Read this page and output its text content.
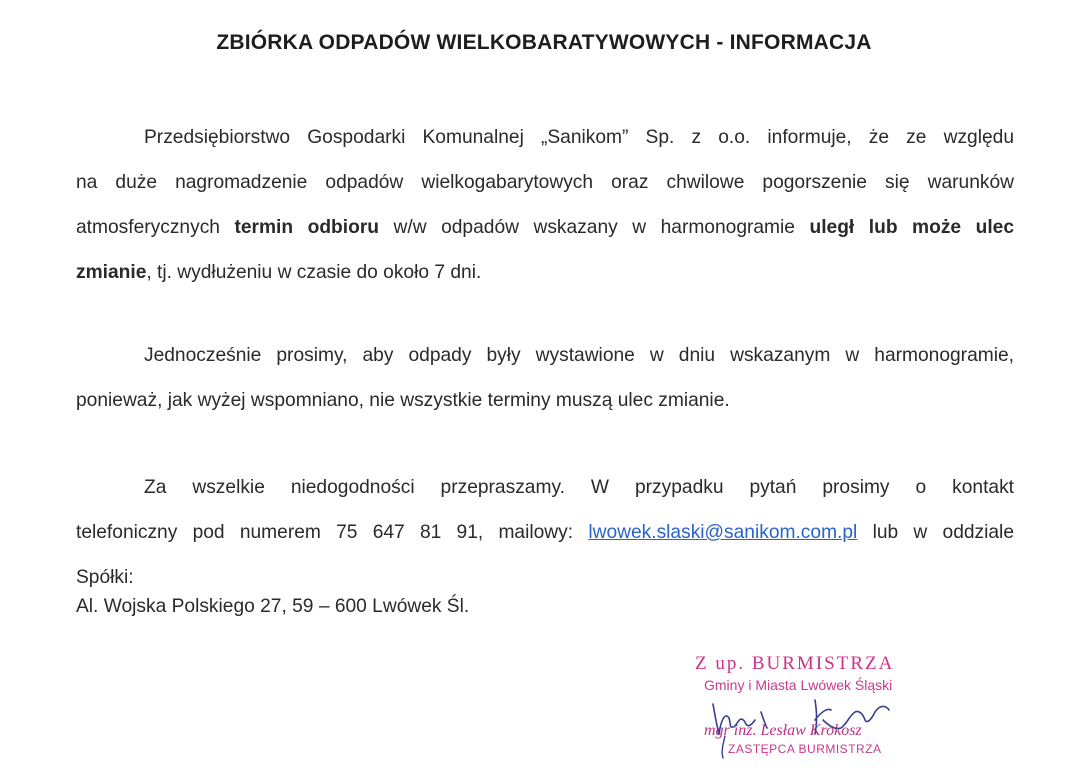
ZBIÓRKA ODPADÓW WIELKOBARATYWOWYCH - INFORMACJA
Przedsiębiorstwo Gospodarki Komunalnej „Sanikom” Sp. z o.o. informuje, że ze względu
na duże nagromadzenie odpadów wielkogabarytowych oraz chwilowe pogorszenie się warunków
atmosferycznych termin odbioru w/w odpadów wskazany w harmonogramie uległ lub może ulec
zmianie, tj. wydłużeniu w czasie do około 7 dni.
Jednocześnie prosimy, aby odpady były wystawione w dniu wskazanym w harmonogramie,
ponieważ, jak wyżej wspomniano, nie wszystkie terminy muszą ulec zmianie.
Za wszelkie niedogodności przepraszamy. W przypadku pytań prosimy o kontakt
telefoniczny pod numerem 75 647 81 91, mailowy: lwowek.slaski@sanikom.com.pl lub w oddziale
Spółki:
Al. Wojska Polskiego 27, 59 – 600 Lwówek Śl.
Z up. BURMISTRZA
Gminy i Miasta Lwówek Śląski
mgr inż. Lesław Krokosz
ZASTĘPCA BURMISTRZA
